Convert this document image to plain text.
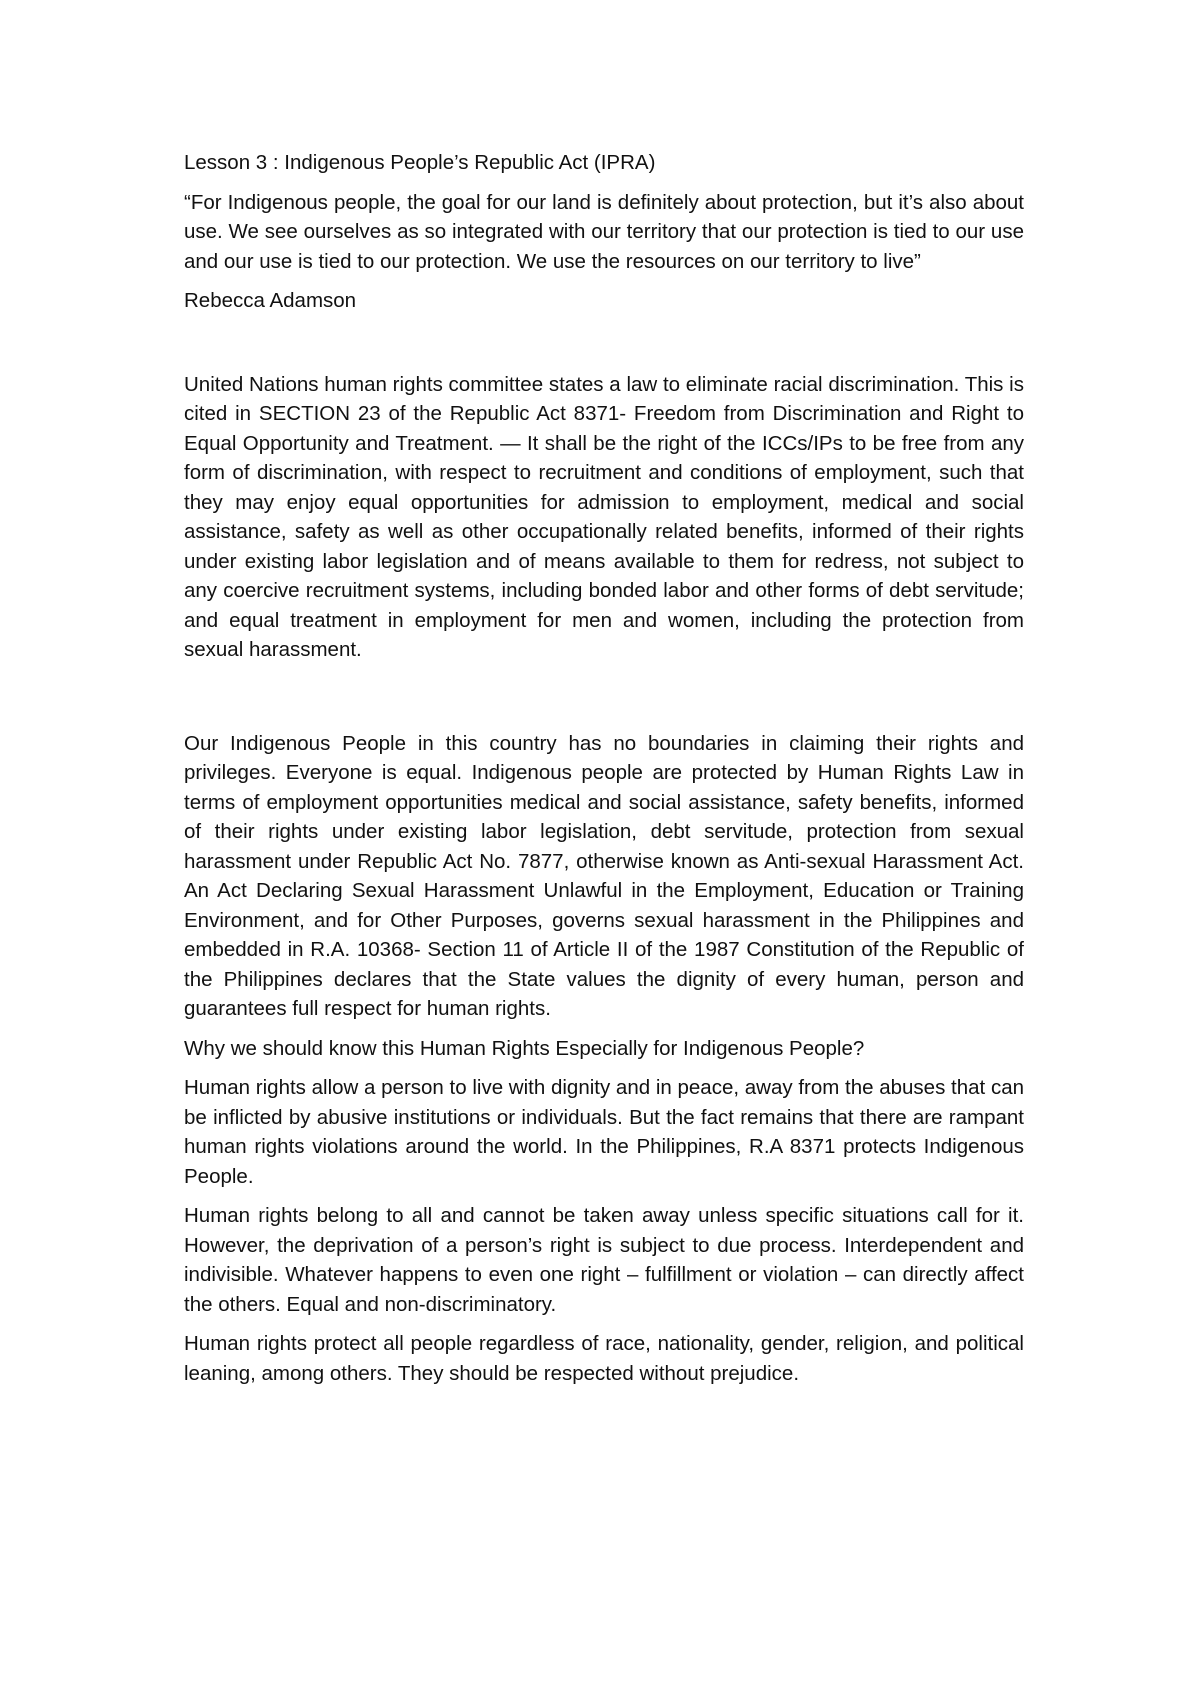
Lesson 3 : Indigenous People’s Republic Act (IPRA)

“For Indigenous people, the goal for our land is definitely about protection, but it’s also about use. We see ourselves as so integrated with our territory that our protection is tied to our use and our use is tied to our protection. We use the resources on our territory to live”

Rebecca Adamson

United Nations human rights committee states a law to eliminate racial discrimination. This is cited in SECTION 23 of the Republic Act 8371- Freedom from Discrimination and Right to Equal Opportunity and Treatment. — It shall be the right of the ICCs/IPs to be free from any form of discrimination, with respect to recruitment and conditions of employment, such that they may enjoy equal opportunities for admission to employment, medical and social assistance, safety as well as other occupationally related benefits, informed of their rights under existing labor legislation and of means available to them for redress, not subject to any coercive recruitment systems, including bonded labor and other forms of debt servitude; and equal treatment in employment for men and women, including the protection from sexual harassment.

Our Indigenous People in this country has no boundaries in claiming their rights and privileges. Everyone is equal. Indigenous people are protected by Human Rights Law in terms of employment opportunities medical and social assistance, safety benefits, informed of their rights under existing labor legislation, debt servitude, protection from sexual harassment under Republic Act No. 7877, otherwise known as Anti-sexual Harassment Act. An Act Declaring Sexual Harassment Unlawful in the Employment, Education or Training Environment, and for Other Purposes, governs sexual harassment in the Philippines and embedded in R.A. 10368- Section 11 of Article II of the 1987 Constitution of the Republic of the Philippines declares that the State values the dignity of every human, person and guarantees full respect for human rights.

Why we should know this Human Rights Especially for Indigenous People?

Human rights allow a person to live with dignity and in peace, away from the abuses that can be inflicted by abusive institutions or individuals. But the fact remains that there are rampant human rights violations around the world. In the Philippines, R.A 8371 protects Indigenous People.

Human rights belong to all and cannot be taken away unless specific situations call for it. However, the deprivation of a person’s right is subject to due process. Interdependent and indivisible. Whatever happens to even one right – fulfillment or violation – can directly affect the others. Equal and non-discriminatory.

Human rights protect all people regardless of race, nationality, gender, religion, and political leaning, among others. They should be respected without prejudice.
